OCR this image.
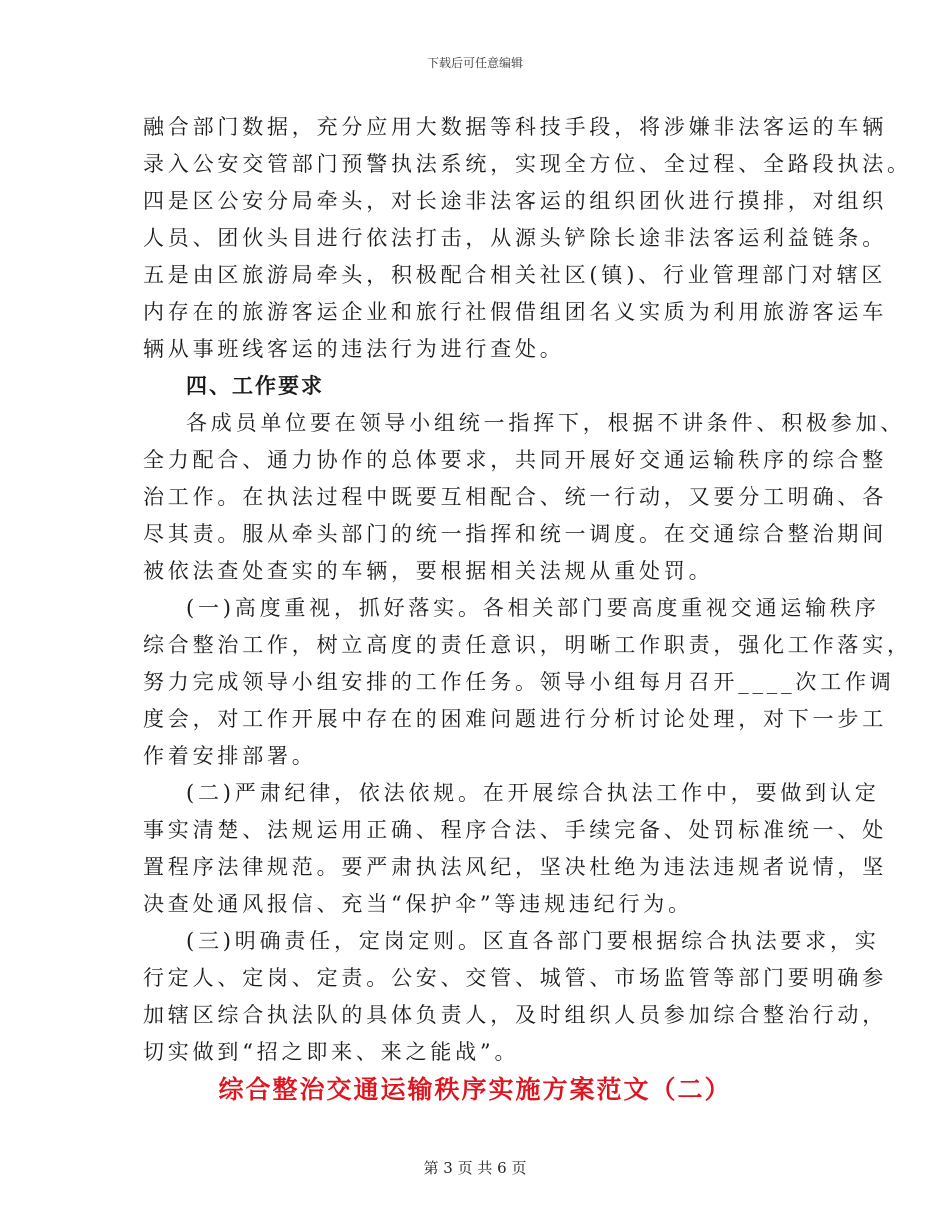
下载后可任意编辑
融合部门数据，充分应用大数据等科技手段，将涉嫌非法客运的车辆
录入公安交管部门预警执法系统，实现全方位、全过程、全路段执法。
四是区公安分局牵头，对长途非法客运的组织团伙进行摸排，对组织
人员、团伙头目进行依法打击，从源头铲除长途非法客运利益链条。
五是由区旅游局牵头，积极配合相关社区(镇)、行业管理部门对辖区
内存在的旅游客运企业和旅行社假借组团名义实质为利用旅游客运车
辆从事班线客运的违法行为进行查处。
四、工作要求
各成员单位要在领导小组统一指挥下，根据不讲条件、积极参加、
全力配合、通力协作的总体要求，共同开展好交通运输秩序的综合整
治工作。在执法过程中既要互相配合、统一行动，又要分工明确、各
尽其责。服从牵头部门的统一指挥和统一调度。在交通综合整治期间
被依法查处查实的车辆，要根据相关法规从重处罚。
(一)高度重视，抓好落实。各相关部门要高度重视交通运输秩序
综合整治工作，树立高度的责任意识，明晰工作职责，强化工作落实，
努力完成领导小组安排的工作任务。领导小组每月召开____次工作调
度会，对工作开展中存在的困难问题进行分析讨论处理，对下一步工
作着安排部署。
(二)严肃纪律，依法依规。在开展综合执法工作中，要做到认定
事实清楚、法规运用正确、程序合法、手续完备、处罚标准统一、处
置程序法律规范。要严肃执法风纪，坚决杜绝为违法违规者说情，坚
决查处通风报信、充当“保护伞”等违规违纪行为。
(三)明确责任，定岗定则。区直各部门要根据综合执法要求，实
行定人、定岗、定责。公安、交管、城管、市场监管等部门要明确参
加辖区综合执法队的具体负责人，及时组织人员参加综合整治行动，
切实做到“招之即来、来之能战”。
综合整治交通运输秩序实施方案范文（二）
第 3 页 共 6 页
